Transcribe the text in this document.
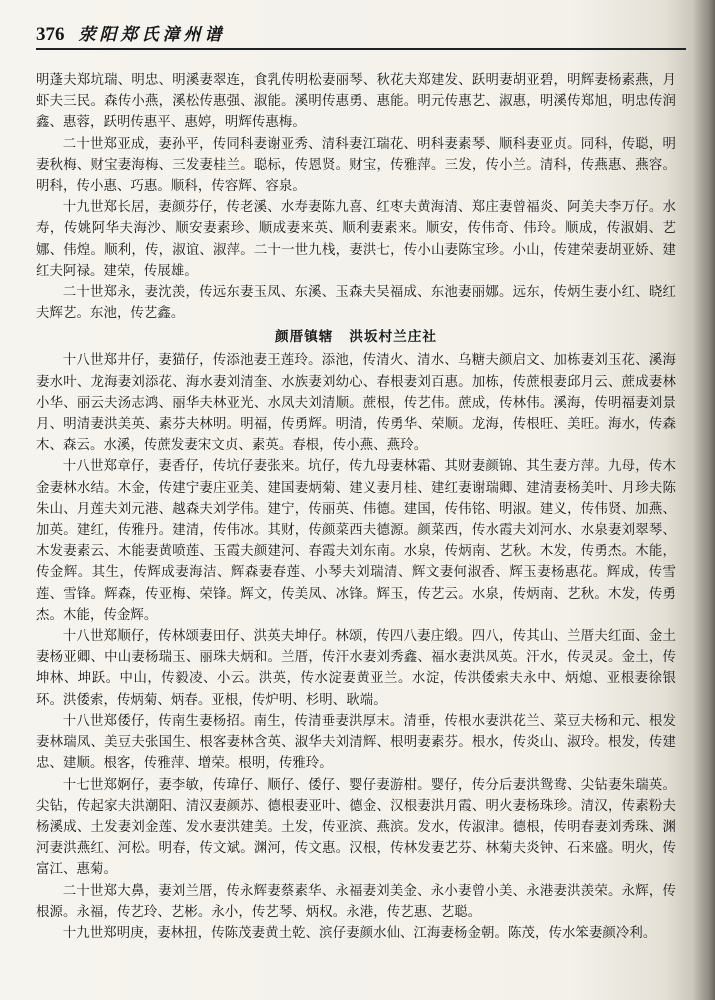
376 荥阳郑氏漳州谱

明蓬夫郑坑瑞、明忠、明溪妻翠连，食乳传明松妻丽琴、秋花夫郑建发、跃明妻胡亚碧，明辉妻杨素燕，月虾夫三民。森传小燕，溪松传惠强、淑能。溪明传惠勇、惠能。明元传惠艺、淑惠，明溪传郑旭，明忠传润鑫、惠蓉，跃明传惠平、惠婷，明辉传惠梅。

二十世郑亚成，妻孙平，传同科妻谢亚秀、清科妻江瑞花、明科妻素琴、顺科妻亚贞。同科，传聪，明妻秋梅、财宝妻海梅、三发妻桂兰。聪标，传恩贤。财宝，传雅萍。三发，传小兰。清科，传燕惠、燕容。明科，传小惠、巧惠。顺科，传容辉、容泉。

十九世郑长居，妻颜芬仔，传老溪、水寿妻陈九喜、红枣夫黄海清、郑庄妻曾福炎、阿美夫李万仔。水寿，传姚阿华夫海沙、顺安妻素珍、顺成妻来英、顺利妻素来。顺安，传伟奇、伟玲。顺成，传淑娟、艺娜、伟煌。顺利，传，淑谊、淑萍。二十一世九栈，妻洪七，传小山妻陈宝珍。小山，传建荣妻胡亚娇、建红夫阿禄。建荣，传展雄。

二十世郑永，妻沈羡，传远东妻玉凤、东溪、玉森夫吴福成、东池妻丽娜。远东，传炳生妻小红、晓红夫辉艺。东池，传艺鑫。

颜厝镇辖 洪坂村兰庄社

十八世郑井仔，妻猫仔，传添池妻王莲玲。添池，传清火、清水、乌糖夫颜启文、加栋妻刘玉花、溪海妻水叶、龙海妻刘添花、海水妻刘清奎、水族妻刘幼心、春根妻刘百惠。加栋，传蔗根妻邱月云、蔗成妻林小华、丽云夫汤志鸿、丽华夫林亚光、水凤夫刘清顺。蔗根，传艺伟。蔗成，传林伟。溪海，传明福妻刘景月、明清妻洪美英、素芬夫林明。明福，传勇辉。明清，传勇华、荣顺。龙海，传根旺、美旺。海水，传森木、森云。水溪，传蔗发妻宋文贞、素英。春根，传小燕、燕玲。

十八世郑章仔，妻香仔，传坑仔妻张来。坑仔，传九母妻林霜、其财妻颜锦、其生妻方萍。九母，传木金妻林水结。木金，传建宁妻庄亚美、建国妻炳菊、建义妻月桂、建红妻谢瑞卿、建清妻杨美叶、月珍夫陈朱山、月莲夫刘元港、越森夫刘学伟。建宁，传丽英、伟德。建国，传伟铭、明淑。建义，传伟贤、加燕、加英。建红，传雅丹。建清，传伟冰。其财，传颜菜西夫德源。颜菜西，传水霞夫刘河水、水泉妻刘翠琴、木发妻素云、木能妻黄喷莲、玉霞夫颜建河、春霞夫刘东南。水泉，传炳南、艺秋。木发，传勇杰。木能，传金辉。其生，传辉成妻海洁、辉森妻春莲、小琴夫刘瑞清、辉文妻何淑香、辉玉妻杨惠花。辉成，传雪莲、雪锋。辉森，传亚梅、荣锋。辉文，传美凤、冰锋。辉玉，传艺云。水泉，传炳南、艺秋。木发，传勇杰。木能，传金辉。

十八世郑顺仔，传林颂妻田仔、洪英夫坤仔。林颂，传四八妻庄缎。四八，传其山、兰厝夫红面、金土妻杨亚卿、中山妻杨瑞玉、丽珠夫炳和。兰厝，传汗水妻刘秀鑫、福水妻洪凤英。汗水，传灵灵。金土，传坤林、坤跃。中山，传毅凌、小云。洪英，传水淀妻黄亚兰。水淀，传洪倭索夫永中、炳熄、亚根妻徐银环。洪倭索，传炳菊、炳春。亚根，传炉明、杉明、耿端。

十八世郑倭仔，传南生妻杨招。南生，传清垂妻洪厚末。清垂，传根水妻洪花兰、菜豆夫杨和元、根发妻林瑞凤、美豆夫张国生、根客妻林含英、淑华夫刘清辉、根明妻素芬。根水，传炎山、淑玲。根发，传建忠、建顺。根客，传雅萍、增荣。根明，传雅玲。

十七世郑婀仔，妻李敏，传瑋仔、顺仔、倭仔、婴仔妻游柑。婴仔，传分后妻洪鸳鸯、尖钻妻朱瑞英。尖钻，传起家夫洪潮阳、清汉妻颜苏、德根妻亚叶、德金、汉根妻洪月霞、明火妻杨珠珍。清汉，传素粉夫杨溪成、土发妻刘金莲、发水妻洪建美。土发，传亚滨、燕滨。发水，传淑津。德根，传明春妻刘秀珠、渊河妻洪燕红、河松。明春，传文斌。渊河，传文惠。汉根，传林发妻艺芬、林菊夫炎钟、石来盛。明火，传富江、惠菊。

二十世郑大鼻，妻刘兰厝，传永辉妻蔡素华、永福妻刘美金、永小妻曾小美、永港妻洪羡荣。永辉，传根源。永福，传艺玲、艺彬。永小，传艺琴、炳权。永港，传艺惠、艺聪。

十九世郑明庚，妻林扭，传陈茂妻黄土乾、滨仔妻颜水仙、江海妻杨金朝。陈茂，传水笨妻颜冷利。
